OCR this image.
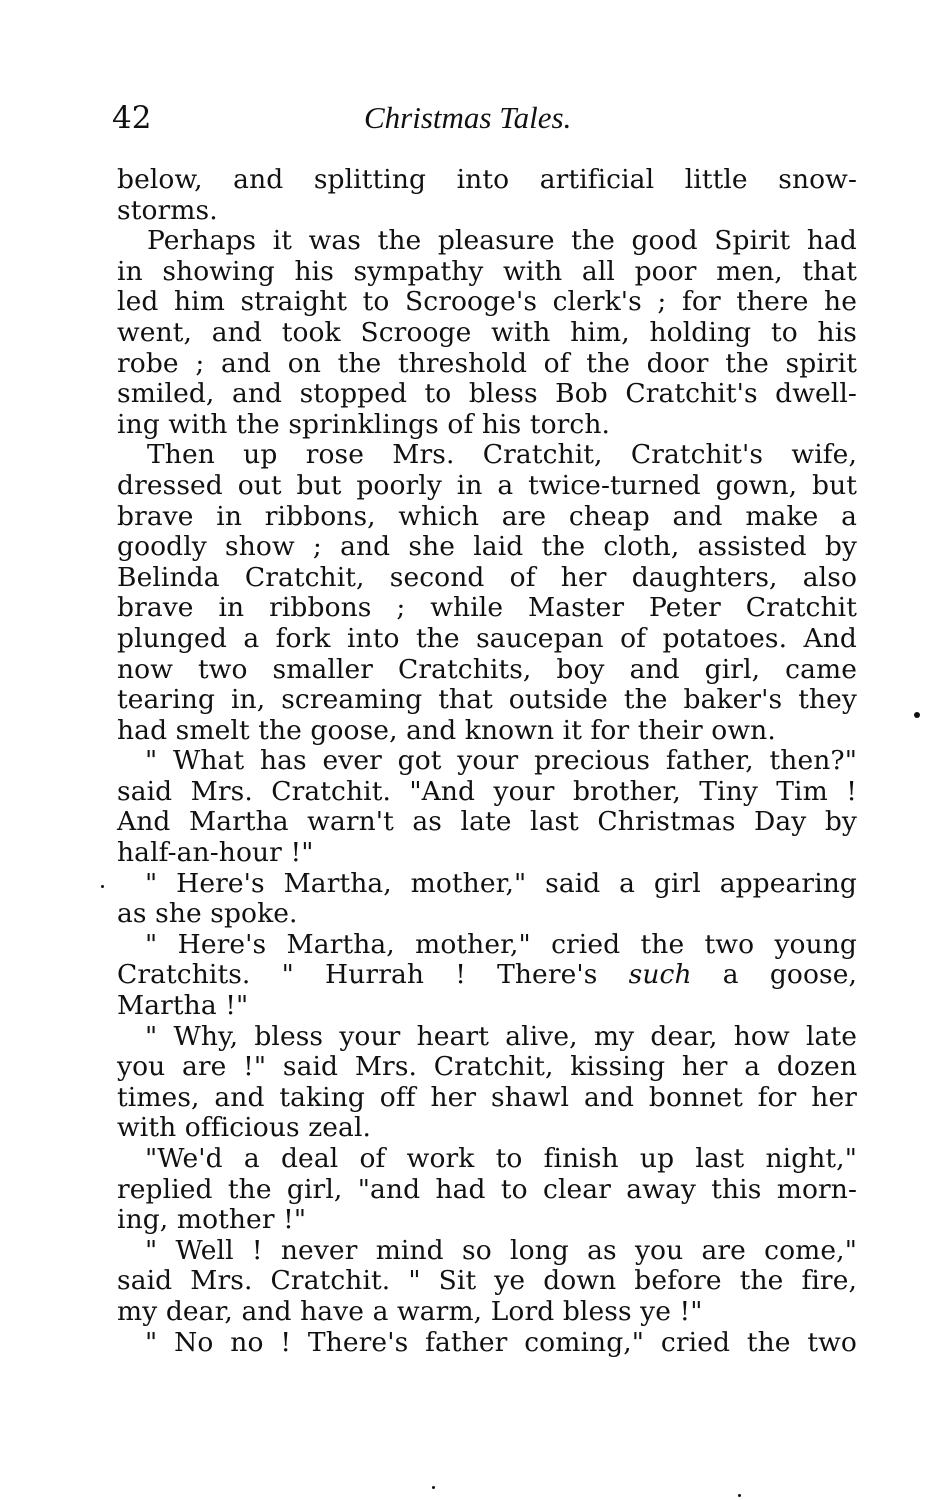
42	Christmas Tales.
below, and splitting into artificial little snow-
storms.
Perhaps it was the pleasure the good Spirit had
in showing his sympathy with all poor men, that
led him straight to Scrooge's clerk's ; for there he
went, and took Scrooge with him, holding to his
robe ; and on the threshold of the door the spirit
smiled, and stopped to bless Bob Cratchit's dwell-
ing with the sprinklings of his torch.
Then up rose Mrs. Cratchit, Cratchit's wife,
dressed out but poorly in a twice-turned gown, but
brave in ribbons, which are cheap and make a
goodly show ; and she laid the cloth, assisted by
Belinda Cratchit, second of her daughters, also
brave in ribbons ; while Master Peter Cratchit
plunged a fork into the saucepan of potatoes. And
now two smaller Cratchits, boy and girl, came
tearing in, screaming that outside the baker's they
had smelt the goose, and known it for their own.
" What has ever got your precious father, then?"
said Mrs. Cratchit. "And your brother, Tiny Tim !
And Martha warn't as late last Christmas Day by
half-an-hour !"
" Here's Martha, mother," said a girl appearing
as she spoke.
" Here's Martha, mother," cried the two young
Cratchits. " Hurrah ! There's such a goose,
Martha !"
" Why, bless your heart alive, my dear, how late
you are !" said Mrs. Cratchit, kissing her a dozen
times, and taking off her shawl and bonnet for her
with officious zeal.
"We'd a deal of work to finish up last night,"
replied the girl, "and had to clear away this morn-
ing, mother !"
" Well ! never mind so long as you are come,"
said Mrs. Cratchit. " Sit ye down before the fire,
my dear, and have a warm, Lord bless ye !"
" No no ! There's father coming," cried the two
